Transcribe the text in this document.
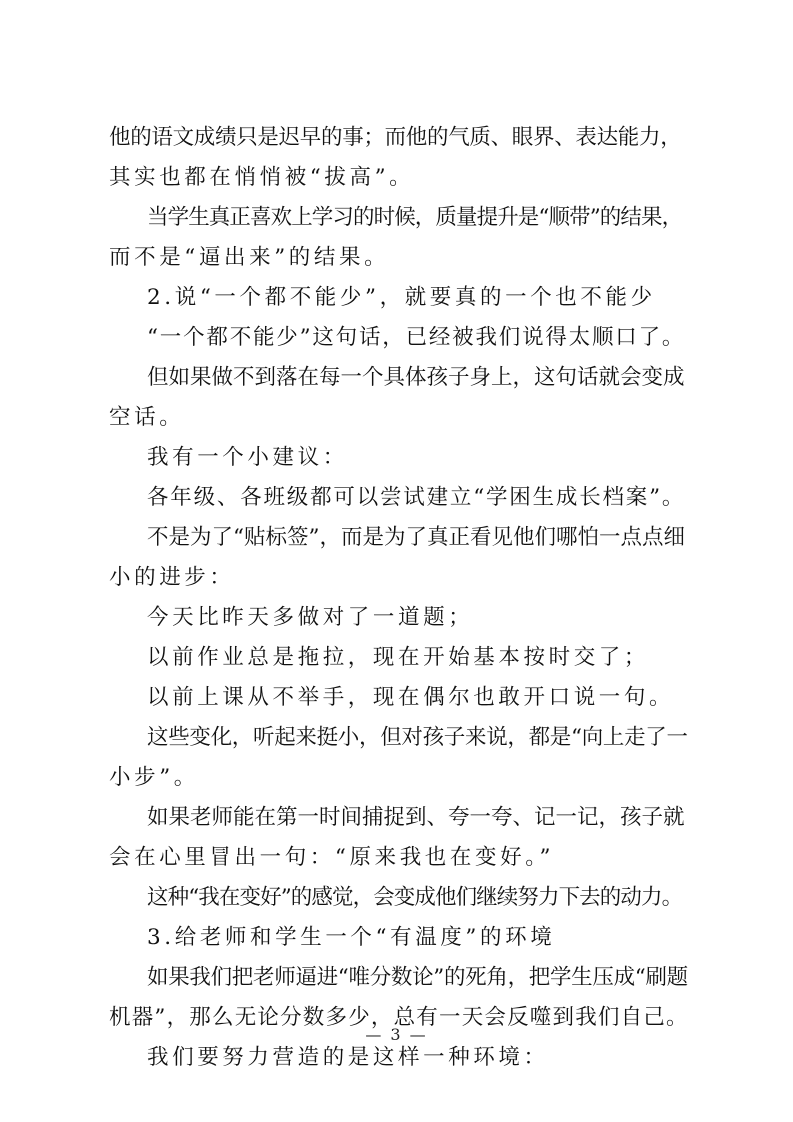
他的语文成绩只是迟早的事；而他的气质、眼界、表达能力，
其实也都在悄悄被“拔高”。
当学生真正喜欢上学习的时候，质量提升是“顺带”的结果，
而不是“逼出来”的结果。
2.说“一个都不能少”，就要真的一个也不能少
“一个都不能少”这句话，已经被我们说得太顺口了。
但如果做不到落在每一个具体孩子身上，这句话就会变成
空话。
我有一个小建议：
各年级、各班级都可以尝试建立“学困生成长档案”。
不是为了“贴标签”，而是为了真正看见他们哪怕一点点细
小的进步：
今天比昨天多做对了一道题；
以前作业总是拖拉，现在开始基本按时交了；
以前上课从不举手，现在偶尔也敢开口说一句。
这些变化，听起来挺小，但对孩子来说，都是“向上走了一
小步”。
如果老师能在第一时间捕捉到、夸一夸、记一记，孩子就
会在心里冒出一句：“原来我也在变好。”
这种“我在变好”的感觉，会变成他们继续努力下去的动力。
3.给老师和学生一个“有温度”的环境
如果我们把老师逼进“唯分数论”的死角，把学生压成“刷题
机器”，那么无论分数多少，总有一天会反噬到我们自己。
我们要努力营造的是这样一种环境：
— 3 —
